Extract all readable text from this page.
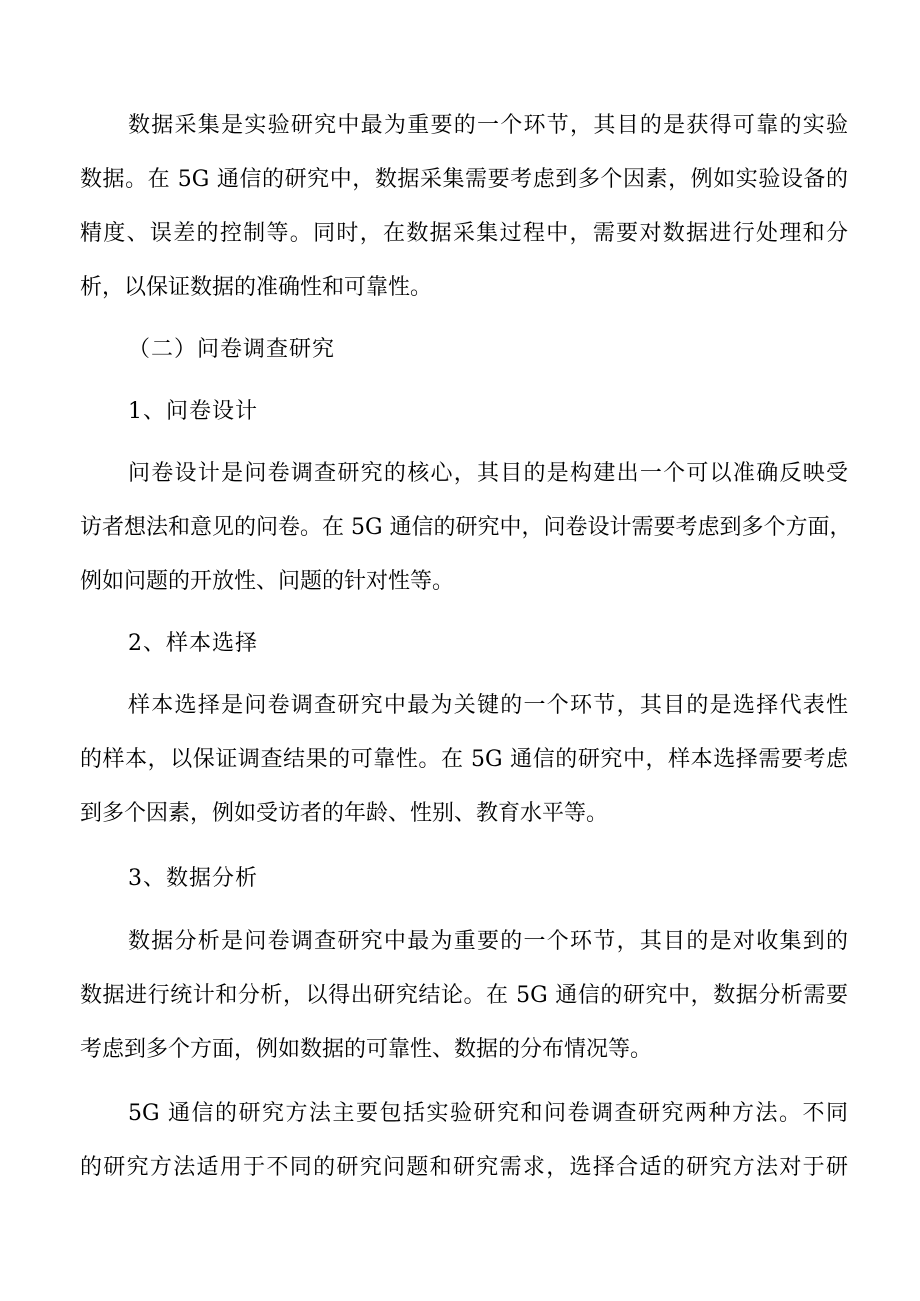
数据采集是实验研究中最为重要的一个环节，其目的是获得可靠的实验
数据。在 5G 通信的研究中，数据采集需要考虑到多个因素，例如实验设备的
精度、误差的控制等。同时，在数据采集过程中，需要对数据进行处理和分
析，以保证数据的准确性和可靠性。
（二）问卷调查研究
1、问卷设计
问卷设计是问卷调查研究的核心，其目的是构建出一个可以准确反映受
访者想法和意见的问卷。在 5G 通信的研究中，问卷设计需要考虑到多个方面，
例如问题的开放性、问题的针对性等。
2、样本选择
样本选择是问卷调查研究中最为关键的一个环节，其目的是选择代表性
的样本，以保证调查结果的可靠性。在 5G 通信的研究中，样本选择需要考虑
到多个因素，例如受访者的年龄、性别、教育水平等。
3、数据分析
数据分析是问卷调查研究中最为重要的一个环节，其目的是对收集到的
数据进行统计和分析，以得出研究结论。在 5G 通信的研究中，数据分析需要
考虑到多个方面，例如数据的可靠性、数据的分布情况等。
5G 通信的研究方法主要包括实验研究和问卷调查研究两种方法。不同
的研究方法适用于不同的研究问题和研究需求，选择合适的研究方法对于研
